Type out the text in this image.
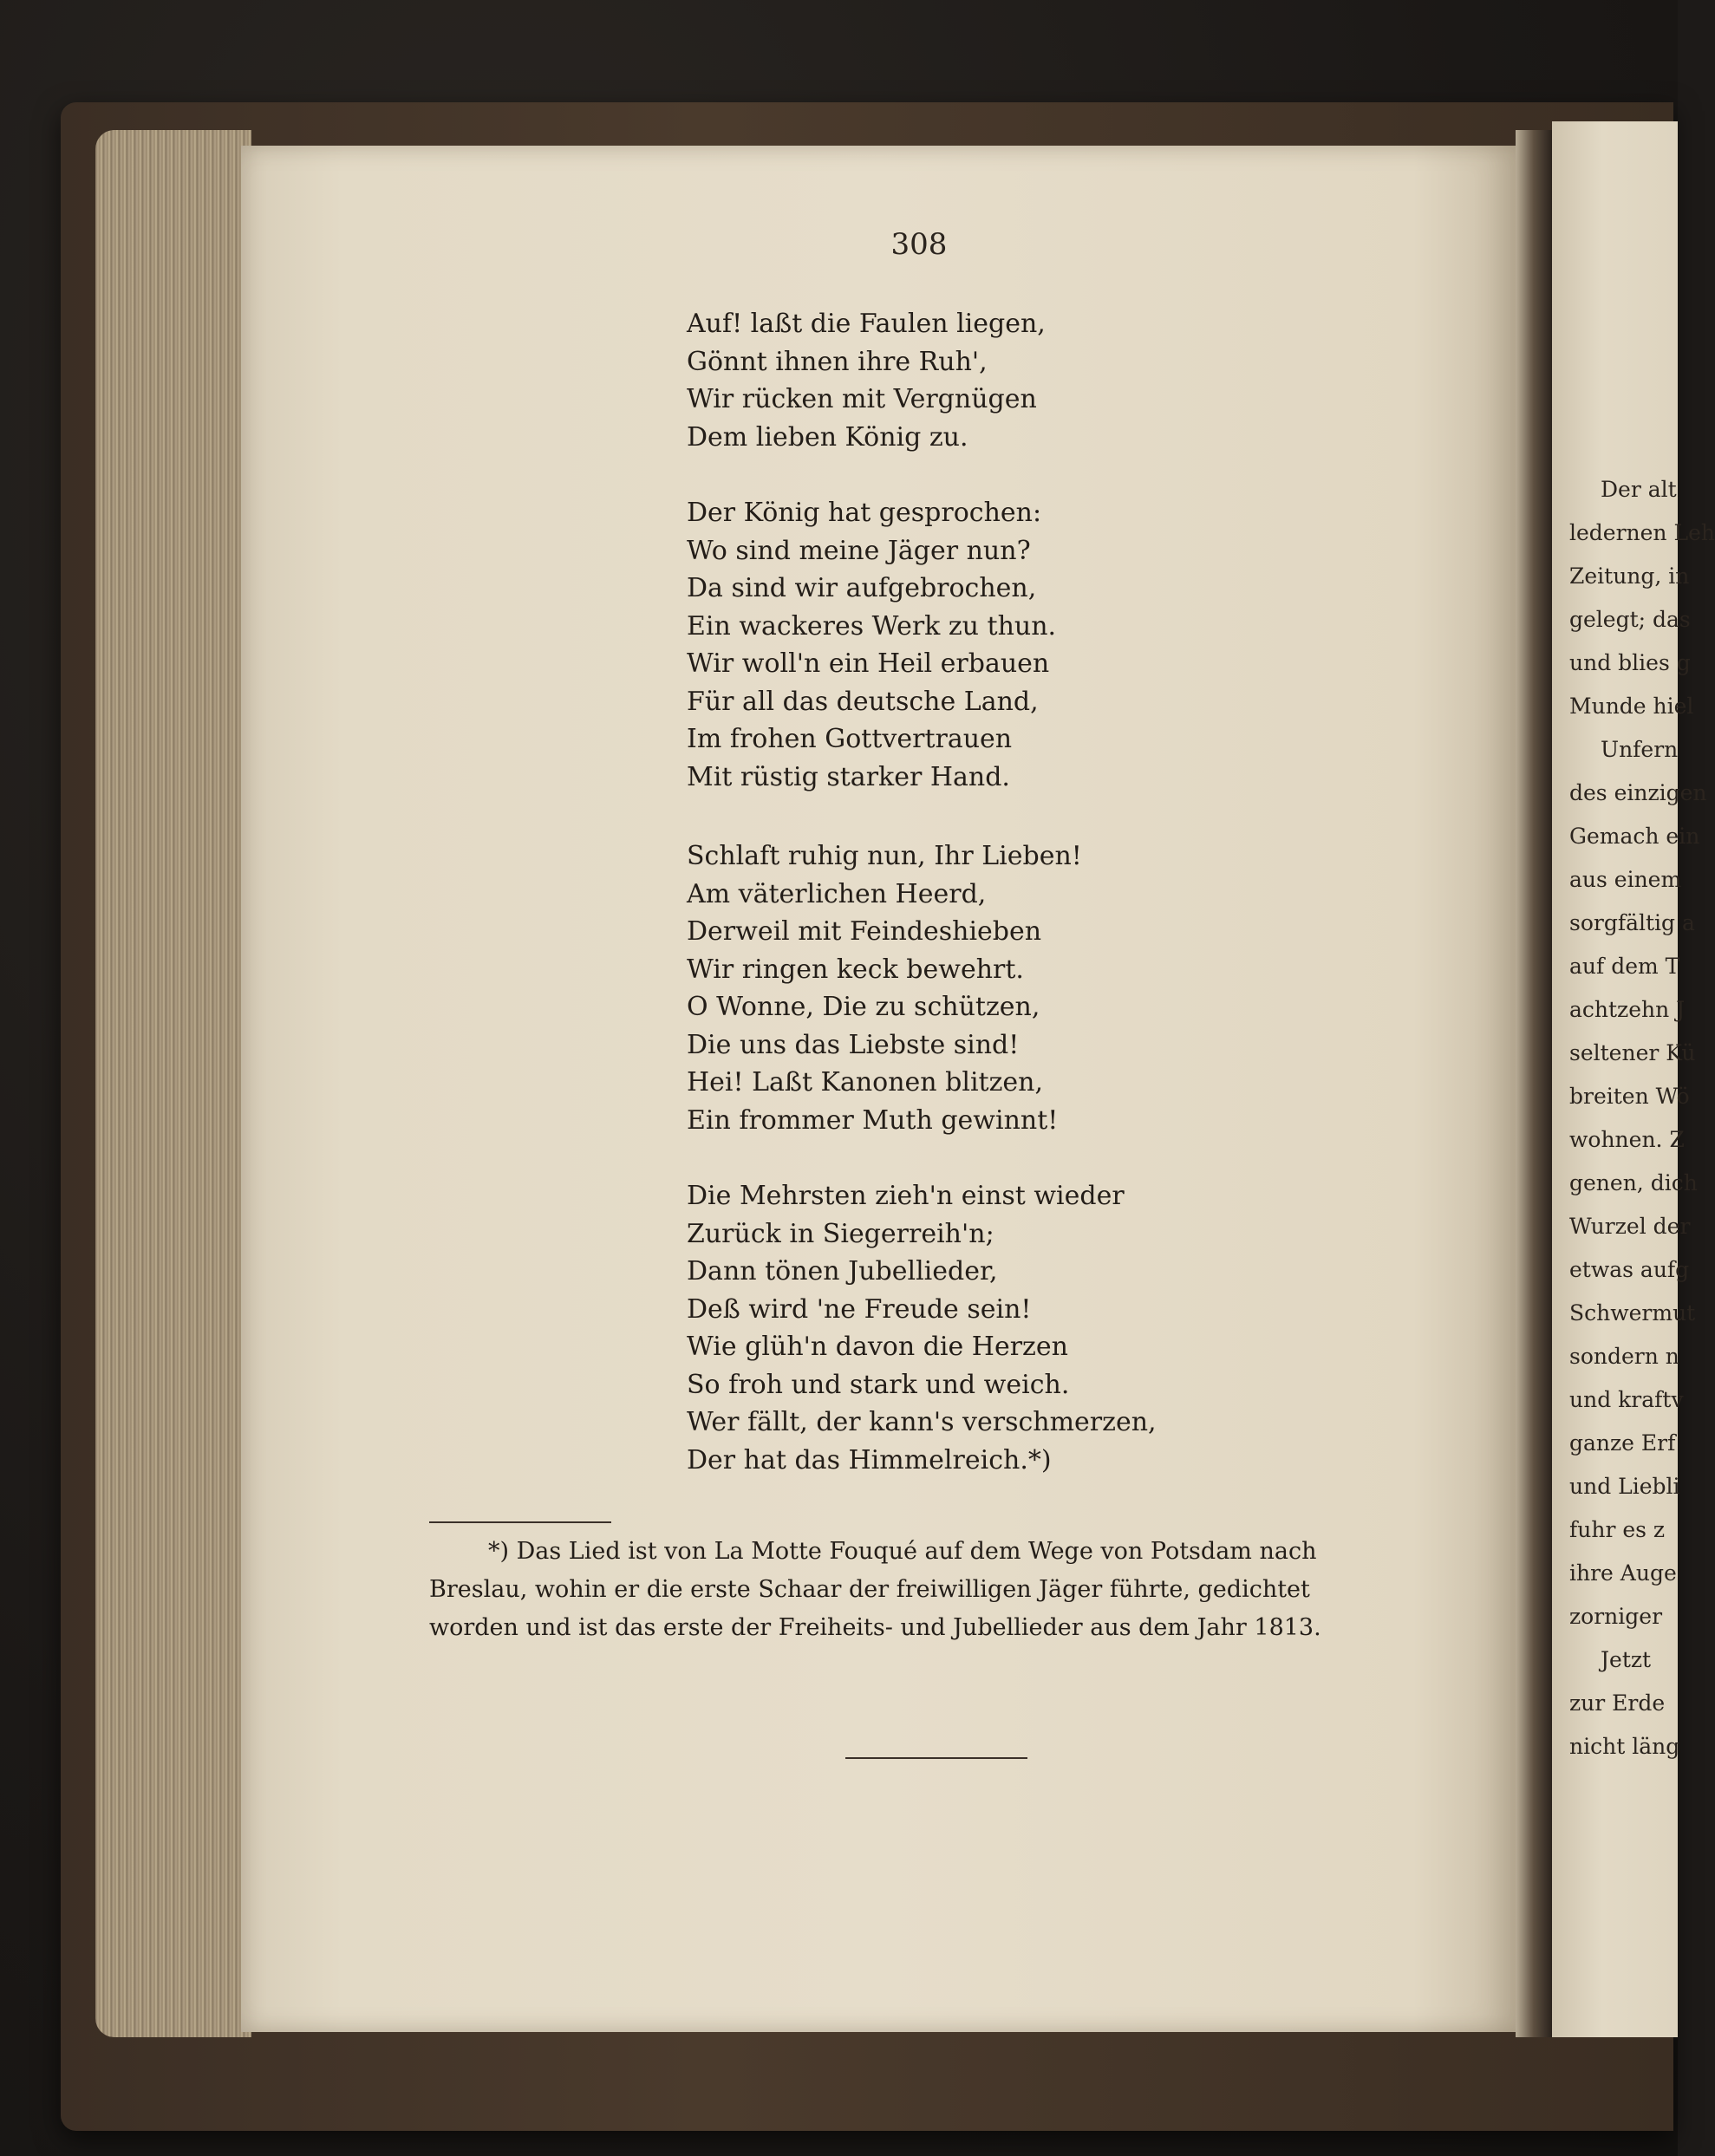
Der alt
ledernen Leh
Zeitung, in
gelegt; das
und blies g
Munde hiel
Unfern
des einzigen
Gemach ein
aus einem
sorgfältig a
auf dem T
achtzehn J
seltener Kü
breiten Wö
wohnen. Z
genen, dich
Wurzel der
etwas aufg
Schwermut
sondern n
und kraftv
ganze Erf
und Liebli
fuhr es z
ihre Auge
zorniger
Jetzt
zur Erde
nicht läng
308
Auf! laßt die Faulen liegen,
Gönnt ihnen ihre Ruh',
Wir rücken mit Vergnügen
Dem lieben König zu.
Der König hat gesprochen:
Wo sind meine Jäger nun?
Da sind wir aufgebrochen,
Ein wackeres Werk zu thun.
Wir woll'n ein Heil erbauen
Für all das deutsche Land,
Im frohen Gottvertrauen
Mit rüstig starker Hand.
Schlaft ruhig nun, Ihr Lieben!
Am väterlichen Heerd,
Derweil mit Feindeshieben
Wir ringen keck bewehrt.
O Wonne, Die zu schützen,
Die uns das Liebste sind!
Hei! Laßt Kanonen blitzen,
Ein frommer Muth gewinnt!
Die Mehrsten zieh'n einst wieder
Zurück in Siegerreih'n;
Dann tönen Jubellieder,
Deß wird 'ne Freude sein!
Wie glüh'n davon die Herzen
So froh und stark und weich.
Wer fällt, der kann's verschmerzen,
Der hat das Himmelreich.*)
*) Das Lied ist von La Motte Fouqué auf dem Wege von Potsdam nach
Breslau, wohin er die erste Schaar der freiwilligen Jäger führte, gedichtet
worden und ist das erste der Freiheits- und Jubellieder aus dem Jahr 1813.
